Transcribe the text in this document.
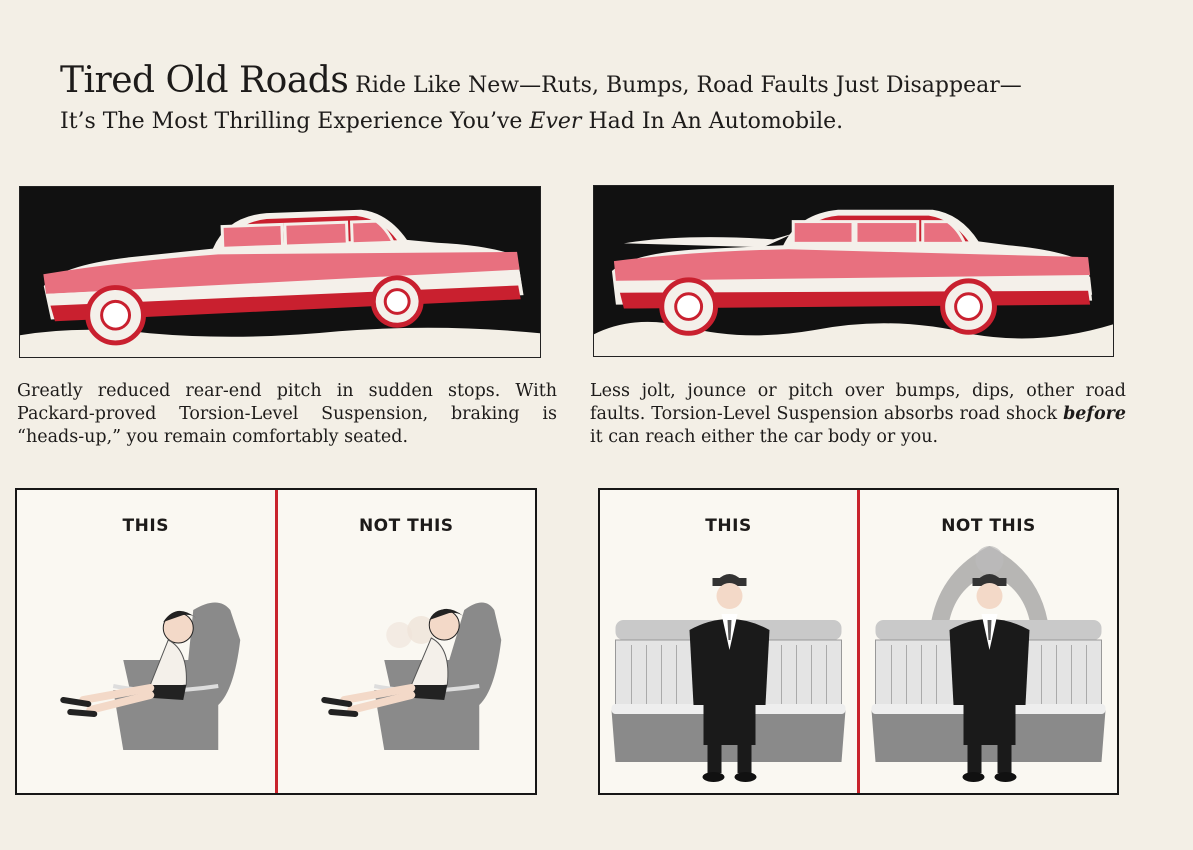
Tired Old Roads Ride Like New—Ruts, Bumps, Road Faults Just Disappear—
It’s The Most Thrilling Experience You’ve Ever Had In An Automobile.

Greatly reduced rear-end pitch in sudden stops. With Packard-proved Torsion-Level Suspension, braking is “heads-up,” you remain comfortably seated.

Less jolt, jounce or pitch over bumps, dips, other road faults. Torsion-Level Suspension absorbs road shock before it can reach either the car body or you.

THIS	NOT THIS	THIS	NOT THIS
